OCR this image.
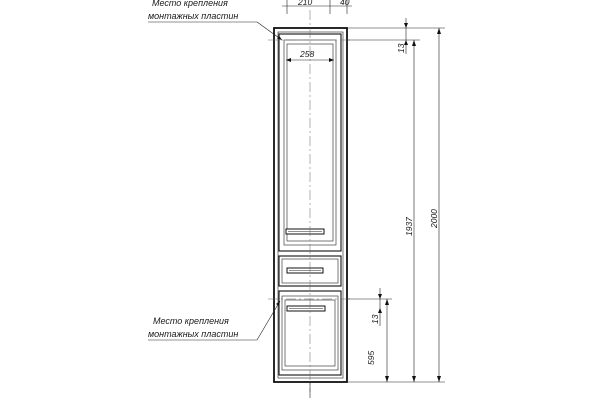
210	40
Место крепления
монтажных пластин
258
Место крепления
монтажных пластин
13
1937 2000
13
595
